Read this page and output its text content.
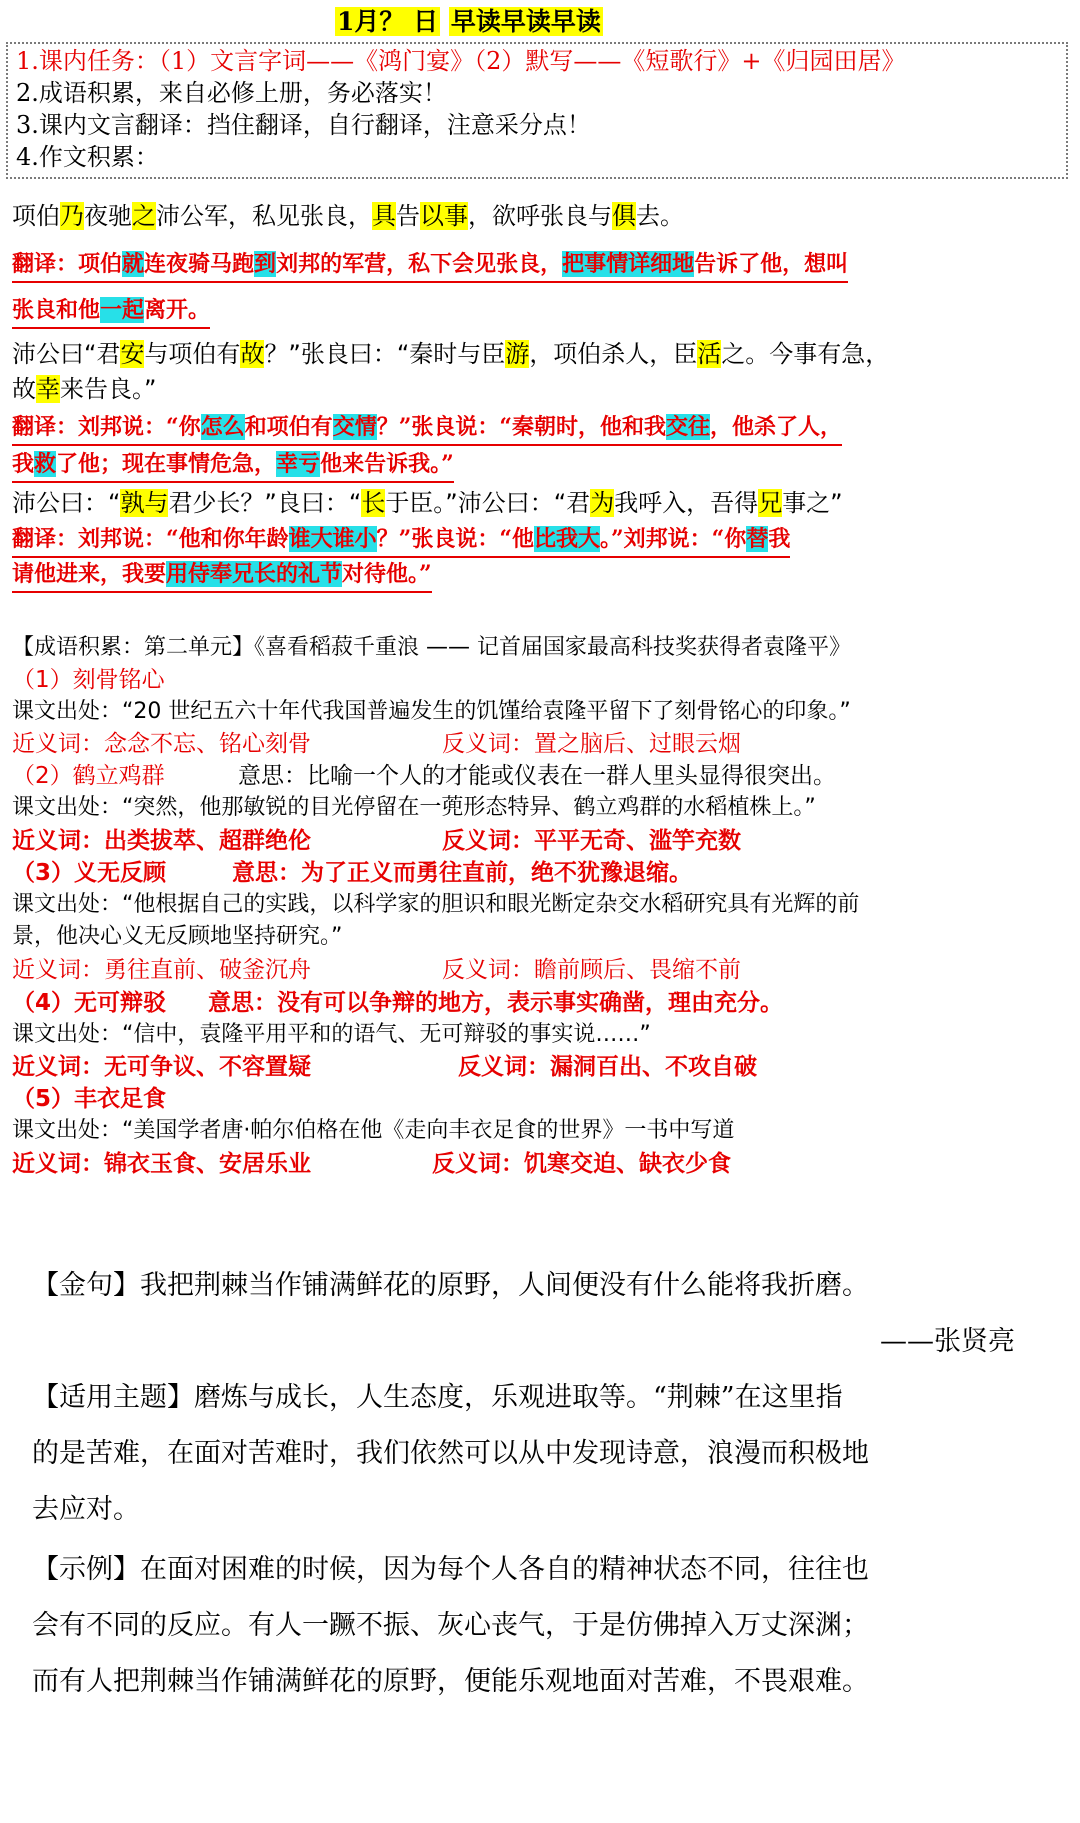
1月？ 日 早读早读早读
1.课内任务：（1）文言字词——《鸿门宴》（2）默写——《短歌行》+《归园田居》
2.成语积累，来自必修上册，务必落实！
3.课内文言翻译：挡住翻译，自行翻译，注意采分点！
4.作文积累：
项伯乃夜驰之沛公军，私见张良，具告以事，欲呼张良与俱去。
翻译：项伯就连夜骑马跑到刘邦的军营，私下会见张良，把事情详细地告诉了他，想叫
张良和他一起离开。
沛公曰“君安与项伯有故？”张良曰：“秦时与臣游，项伯杀人，臣活之。今事有急，
故幸来告良。”
翻译：刘邦说：“你怎么和项伯有交情？”张良说：“秦朝时，他和我交往，他杀了人，
我救了他；现在事情危急，幸亏他来告诉我。”
沛公曰：“孰与君少长？”良曰：“长于臣。”沛公曰：“君为我呼入，吾得兄事之”
翻译：刘邦说：“他和你年龄谁大谁小？”张良说：“他比我大。”刘邦说：“你替我
请他进来，我要用侍奉兄长的礼节对待他。”
【成语积累：第二单元】《喜看稻菽千重浪 —— 记首届国家最高科技奖获得者袁隆平》
（1）刻骨铭心
课文出处：“20 世纪五六十年代我国普遍发生的饥馑给袁隆平留下了刻骨铭心的印象。”
近义词：念念不忘、铭心刻骨	反义词：置之脑后、过眼云烟
（2）鹤立鸡群	意思：比喻一个人的才能或仪表在一群人里头显得很突出。
课文出处：“突然，他那敏锐的目光停留在一蔸形态特异、鹤立鸡群的水稻植株上。”
近义词：出类拔萃、超群绝伦	反义词：平平无奇、滥竽充数
（3）义无反顾	意思：为了正义而勇往直前，绝不犹豫退缩。
课文出处：“他根据自己的实践，以科学家的胆识和眼光断定杂交水稻研究具有光辉的前
景，他决心义无反顾地坚持研究。”
近义词：勇往直前、破釜沉舟	反义词：瞻前顾后、畏缩不前
（4）无可辩驳 意思：没有可以争辩的地方，表示事实确凿，理由充分。
课文出处：“信中，袁隆平用平和的语气、无可辩驳的事实说……”
近义词：无可争议、不容置疑	反义词：漏洞百出、不攻自破
（5）丰衣足食
课文出处：“美国学者唐·帕尔伯格在他《走向丰衣足食的世界》一书中写道
近义词：锦衣玉食、安居乐业	反义词：饥寒交迫、缺衣少食
【金句】我把荆棘当作铺满鲜花的原野，人间便没有什么能将我折磨。
——张贤亮
【适用主题】磨炼与成长，人生态度，乐观进取等。“荆棘”在这里指
的是苦难，在面对苦难时，我们依然可以从中发现诗意，浪漫而积极地
去应对。
【示例】在面对困难的时候，因为每个人各自的精神状态不同，往往也
会有不同的反应。有人一蹶不振、灰心丧气，于是仿佛掉入万丈深渊；
而有人把荆棘当作铺满鲜花的原野，便能乐观地面对苦难，不畏艰难。
